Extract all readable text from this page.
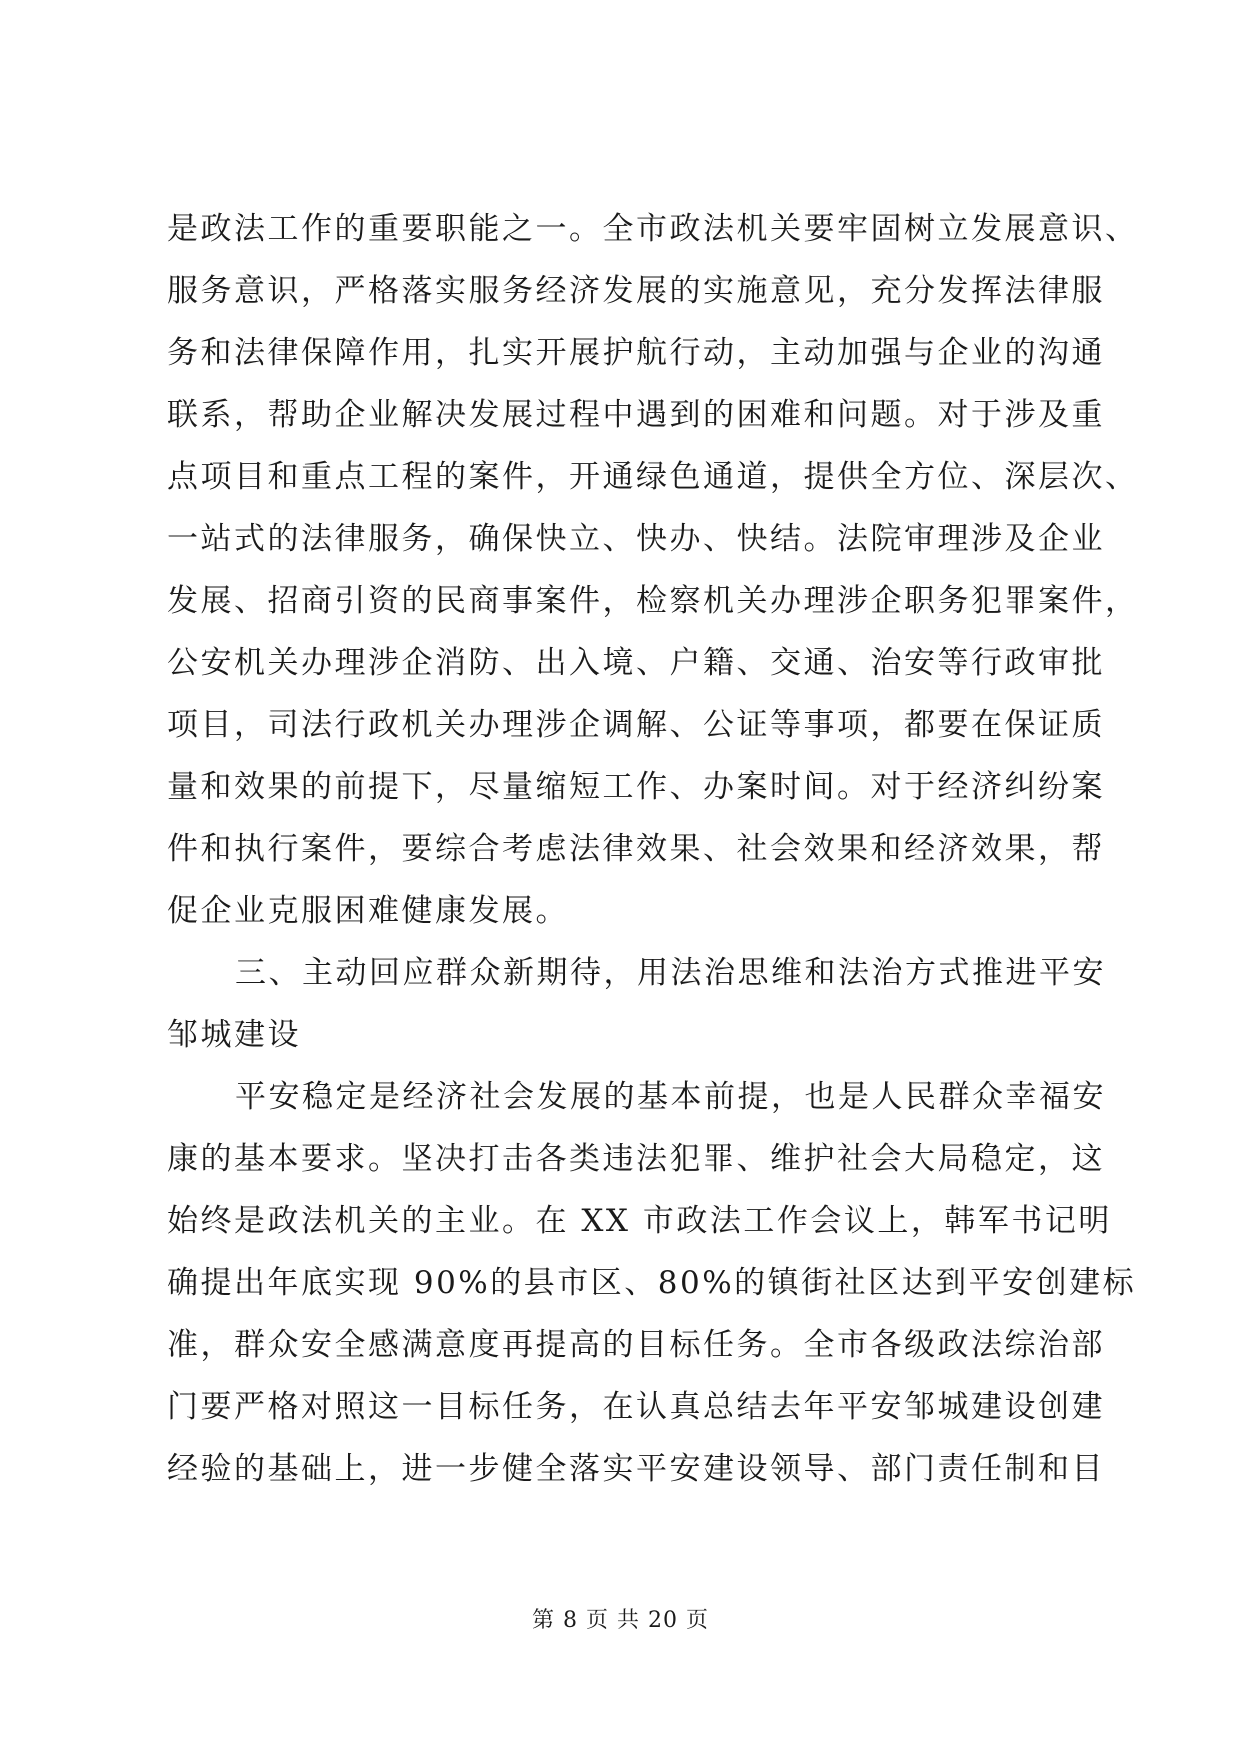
是政法工作的重要职能之一。全市政法机关要牢固树立发展意识、
服务意识，严格落实服务经济发展的实施意见，充分发挥法律服
务和法律保障作用，扎实开展护航行动，主动加强与企业的沟通
联系，帮助企业解决发展过程中遇到的困难和问题。对于涉及重
点项目和重点工程的案件，开通绿色通道，提供全方位、深层次、
一站式的法律服务，确保快立、快办、快结。法院审理涉及企业
发展、招商引资的民商事案件，检察机关办理涉企职务犯罪案件，
公安机关办理涉企消防、出入境、户籍、交通、治安等行政审批
项目，司法行政机关办理涉企调解、公证等事项，都要在保证质
量和效果的前提下，尽量缩短工作、办案时间。对于经济纠纷案
件和执行案件，要综合考虑法律效果、社会效果和经济效果，帮
促企业克服困难健康发展。
三、主动回应群众新期待，用法治思维和法治方式推进平安
邹城建设
平安稳定是经济社会发展的基本前提，也是人民群众幸福安
康的基本要求。坚决打击各类违法犯罪、维护社会大局稳定，这
始终是政法机关的主业。在 XX 市政法工作会议上，韩军书记明
确提出年底实现 90%的县市区、80%的镇街社区达到平安创建标
准，群众安全感满意度再提高的目标任务。全市各级政法综治部
门要严格对照这一目标任务，在认真总结去年平安邹城建设创建
经验的基础上，进一步健全落实平安建设领导、部门责任制和目
第 8 页 共 20 页
